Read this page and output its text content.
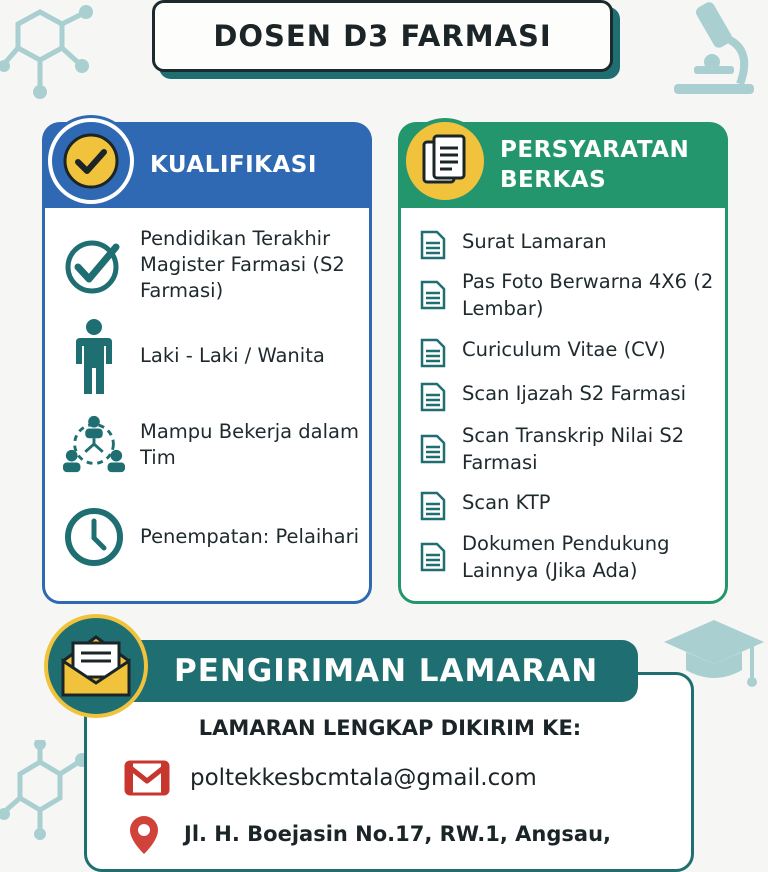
DOSEN D3 FARMASI
KUALIFIKASI
Pendidikan Terakhir Magister Farmasi (S2 Farmasi)
Laki - Laki / Wanita
Mampu Bekerja dalam Tim
Penempatan: Pelaihari
PERSYARATAN
BERKAS
Surat Lamaran
Pas Foto Berwarna 4X6 (2 Lembar)
Curiculum Vitae (CV)
Scan Ijazah S2 Farmasi
Scan Transkrip Nilai S2 Farmasi
Scan KTP
Dokumen Pendukung Lainnya (Jika Ada)
PENGIRIMAN LAMARAN
LAMARAN LENGKAP DIKIRIM KE:
poltekkesbcmtala@gmail.com
Jl. H. Boejasin No.17, RW.1, Angsau,
